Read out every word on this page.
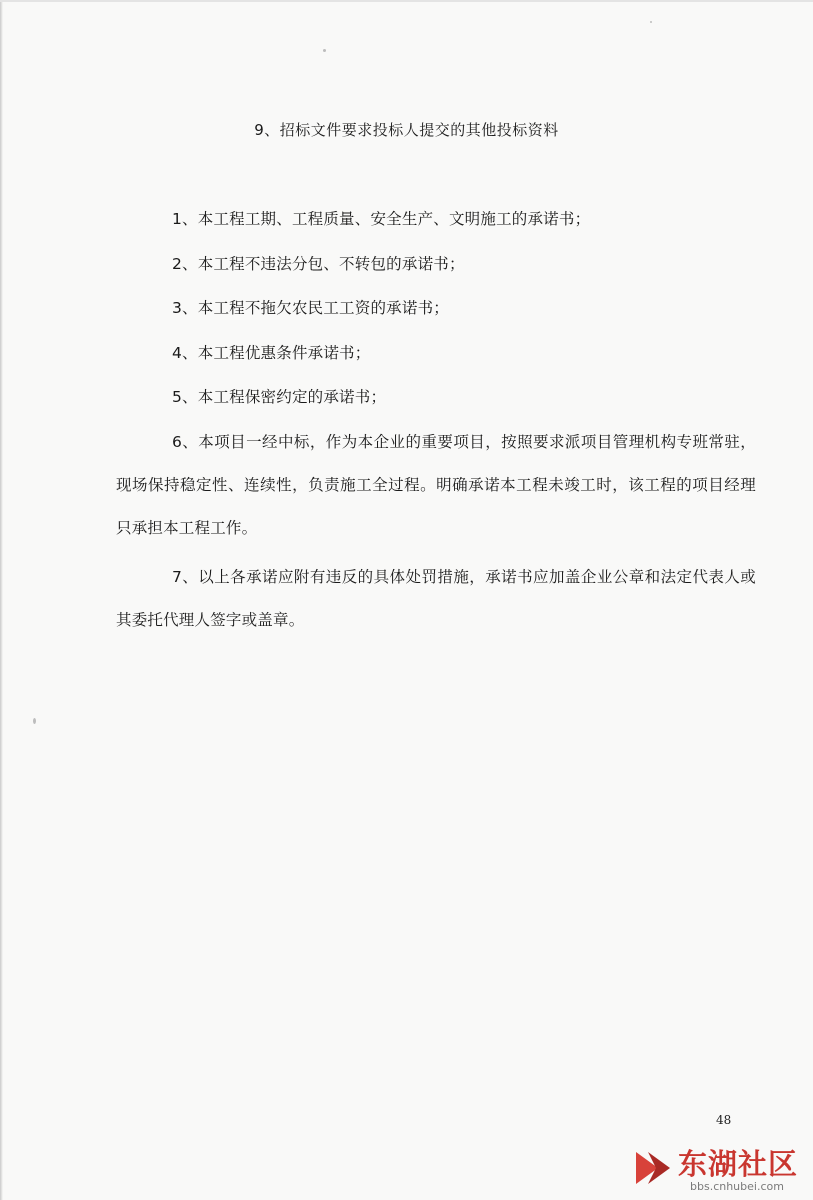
9、招标文件要求投标人提交的其他投标资料
1、本工程工期、工程质量、安全生产、文明施工的承诺书；
2、本工程不违法分包、不转包的承诺书；
3、本工程不拖欠农民工工资的承诺书；
4、本工程优惠条件承诺书；
5、本工程保密约定的承诺书；
6、本项目一经中标，作为本企业的重要项目，按照要求派项目管理机构专班常驻，现场保持稳定性、连续性，负责施工全过程。明确承诺本工程未竣工时，该工程的项目经理只承担本工程工作。
7、以上各承诺应附有违反的具体处罚措施，承诺书应加盖企业公章和法定代表人或其委托代理人签字或盖章。
48
东湖社区
bbs.cnhubei.com
